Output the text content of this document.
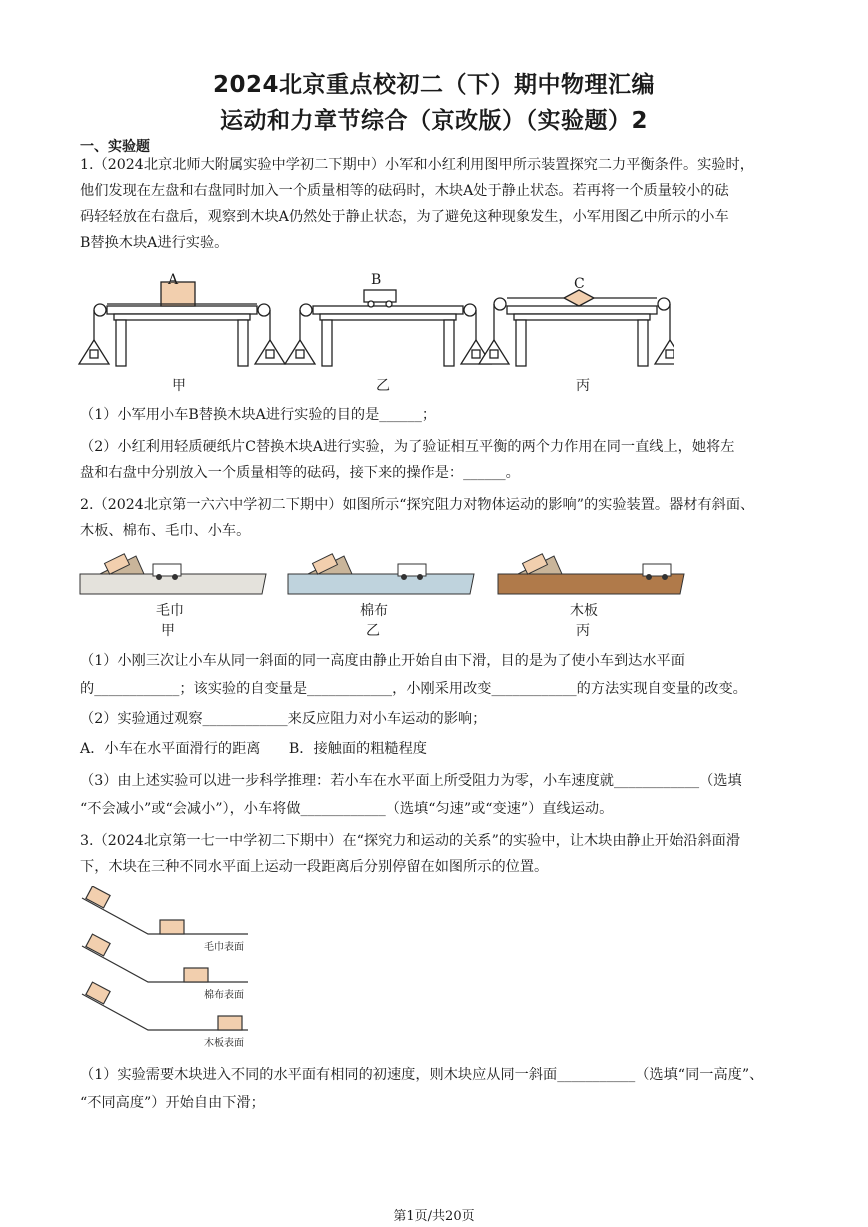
2024北京重点校初二（下）期中物理汇编
运动和力章节综合（京改版）（实验题）2
一、实验题
1.（2024北京北师大附属实验中学初二下期中）小军和小红利用图甲所示装置探究二力平衡条件。实验时，
他们发现在左盘和右盘同时加入一个质量相等的砝码时，木块A处于静止状态。若再将一个质量较小的砝
码轻轻放在右盘后，观察到木块A仍然处于静止状态，为了避免这种现象发生，小军用图乙中所示的小车
B替换木块A进行实验。
A	B	C
甲	乙	丙
（1）小军用小车B替换木块A进行实验的目的是______；
（2）小红利用轻质硬纸片C替换木块A进行实验，为了验证相互平衡的两个力作用在同一直线上，她将左
盘和右盘中分别放入一个质量相等的砝码，接下来的操作是：______。
2.（2024北京第一六六中学初二下期中）如图所示“探究阻力对物体运动的影响”的实验装置。器材有斜面、
木板、棉布、毛巾、小车。
毛巾
甲
棉布
乙
木板
丙
（1）小刚三次让小车从同一斜面的同一高度由静止开始自由下滑，目的是为了使小车到达水平面
的____________；该实验的自变量是____________，小刚采用改变____________的方法实现自变量的改变。
（2）实验通过观察____________来反应阻力对小车运动的影响；
A．小车在水平面滑行的距离　　B．接触面的粗糙程度
（3）由上述实验可以进一步科学推理：若小车在水平面上所受阻力为零，小车速度就____________（选填
“不会减小”或“会减小”），小车将做____________（选填“匀速”或“变速”）直线运动。
3.（2024北京第一七一中学初二下期中）在“探究力和运动的关系”的实验中，让木块由静止开始沿斜面滑
下，木块在三种不同水平面上运动一段距离后分别停留在如图所示的位置。
毛巾表面
棉布表面
木板表面
（1）实验需要木块进入不同的水平面有相同的初速度，则木块应从同一斜面___________（选填“同一高度”、
“不同高度”）开始自由下滑；
第1页/共20页
